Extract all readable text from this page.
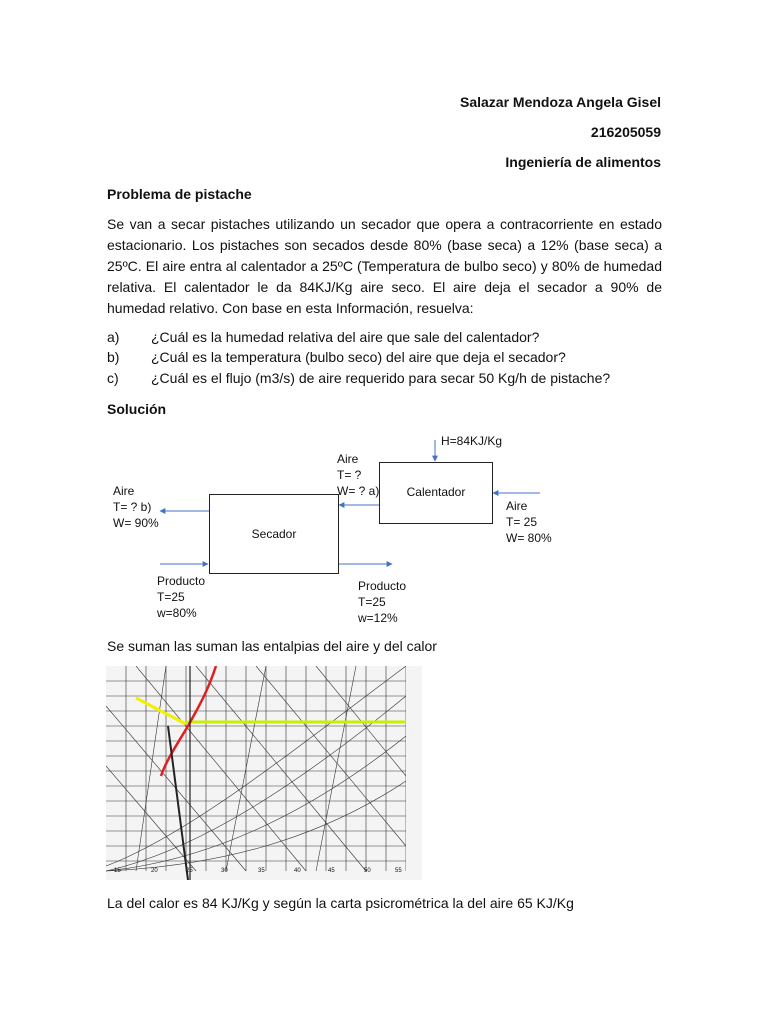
Salazar Mendoza Angela Gisel
216205059
Ingeniería de alimentos
Problema de pistache
Se van a secar pistaches utilizando un secador que opera a contracorriente en estado estacionario. Los pistaches son secados desde 80% (base seca) a 12% (base seca) a 25ºC. El aire entra al calentador a 25ºC (Temperatura de bulbo seco) y 80% de humedad relativa. El calentador le da 84KJ/Kg aire seco. El aire deja el secador a 90% de humedad relativo. Con base en esta Información, resuelva:
a) ¿Cuál es la humedad relativa del aire que sale del calentador?
b) ¿Cuál es la temperatura (bulbo seco) del aire que deja el secador?
c) ¿Cuál es el flujo (m3/s) de aire requerido para secar 50 Kg/h de pistache?
Solución
H=84KJ/Kg
Calentador
Secador
Aire
T= ?
W= ? a)
Aire
T= ? b)
W= 90%
Aire
T= 25
W= 80%
Producto
T=25
w=80%
Producto
T=25
w=12%
Se suman las suman las entalpias del aire y del calor
15	20	25	30	35	40	45	50	55
La del calor es 84 KJ/Kg y según la carta psicrométrica la del aire 65 KJ/Kg
